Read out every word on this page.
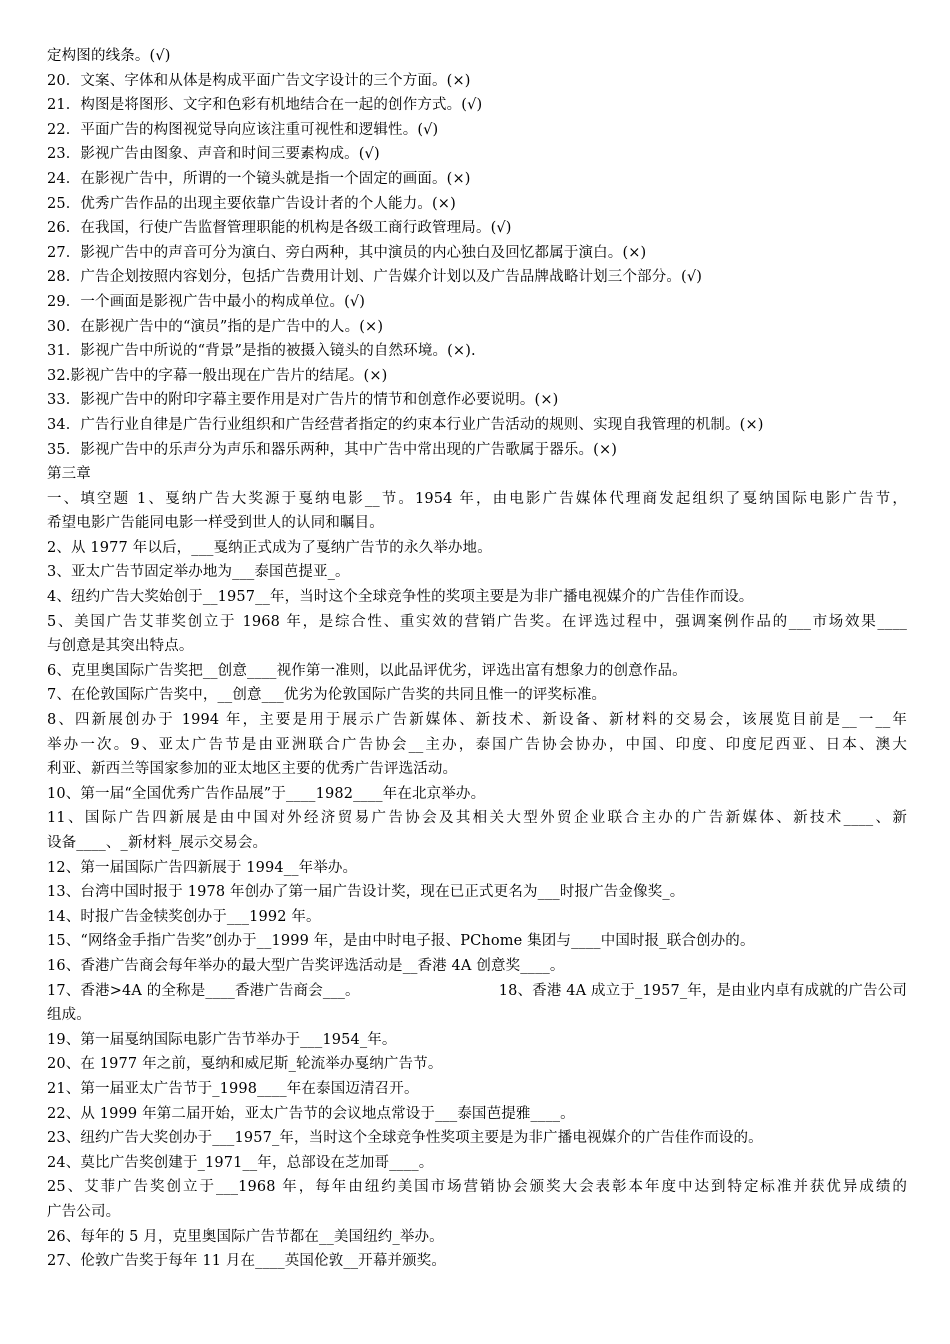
定构图的线条。(√)
20．文案、字体和从体是构成平面广告文字设计的三个方面。(×)
21．构图是将图形、文字和色彩有机地结合在一起的创作方式。(√)
22．平面广告的构图视觉导向应该注重可视性和逻辑性。(√)
23．影视广告由图象、声音和时间三要素构成。(√)
24．在影视广告中，所谓的一个镜头就是指一个固定的画面。(×)
25．优秀广告作品的出现主要依靠广告设计者的个人能力。(×)
26．在我国，行使广告监督管理职能的机构是各级工商行政管理局。(√)
27．影视广告中的声音可分为演白、旁白两种，其中演员的内心独白及回忆都属于演白。(×)
28．广告企划按照内容划分，包括广告费用计划、广告媒介计划以及广告品牌战略计划三个部分。(√)
29．一个画面是影视广告中最小的构成单位。(√)
30．在影视广告中的“演员”指的是广告中的人。(×)
31．影视广告中所说的“背景”是指的被摄入镜头的自然环境。(×).
32.影视广告中的字幕一般出现在广告片的结尾。(×)
33．影视广告中的附印字幕主要作用是对广告片的情节和创意作必要说明。(×)
34．广告行业自律是广告行业组织和广告经营者指定的约束本行业广告活动的规则、实现自我管理的机制。(×)
35．影视广告中的乐声分为声乐和器乐两种，其中广告中常出现的广告歌属于器乐。(×)
第三章
一、填空题 1、戛纳广告大奖源于戛纳电影__节。1954 年，由电影广告媒体代理商发起组织了戛纳国际电影广告节，
希望电影广告能同电影一样受到世人的认同和瞩目。
2、从 1977 年以后，___戛纳正式成为了戛纳广告节的永久举办地。
3、亚太广告节固定举办地为___泰国芭提亚_。
4、纽约广告大奖始创于__1957__年，当时这个全球竞争性的奖项主要是为非广播电视媒介的广告佳作而设。
5、美国广告艾菲奖创立于 1968 年，是综合性、重实效的营销广告奖。在评选过程中，强调案例作品的___市场效果____
与创意是其突出特点。
6、克里奥国际广告奖把__创意____视作第一准则，以此品评优劣，评选出富有想象力的创意作品。
7、在伦敦国际广告奖中，__创意___优劣为伦敦国际广告奖的共同且惟一的评奖标准。
8、四新展创办于 1994 年，主要是用于展示广告新媒体、新技术、新设备、新材料的交易会，该展览目前是__一__年
举办一次。9、亚太广告节是由亚洲联合广告协会__主办，泰国广告协会协办，中国、印度、印度尼西亚、日本、澳大
利亚、新西兰等国家参加的亚太地区主要的优秀广告评选活动。
10、第一届“全国优秀广告作品展”于____1982____年在北京举办。
11、国际广告四新展是由中国对外经济贸易广告协会及其相关大型外贸企业联合主办的广告新媒体、新技术____、新
设备____、_新材料_展示交易会。
12、第一届国际广告四新展于 1994__年举办。
13、台湾中国时报于 1978 年创办了第一届广告设计奖，现在已正式更名为___时报广告金像奖_。
14、时报广告金犊奖创办于___1992 年。
15、“网络金手指广告奖”创办于__1999 年，是由中时电子报、PChome 集团与____中国时报_联合创办的。
16、香港广告商会每年举办的最大型广告奖评选活动是__香港 4A 创意奖____。
17、香港>4A 的全称是____香港广告商会___。	18、香港 4A 成立于_1957_年，是由业内卓有成就的广告公司
组成。
19、第一届戛纳国际电影广告节举办于___1954_年。
20、在 1977 年之前，戛纳和威尼斯_轮流举办戛纳广告节。
21、第一届亚太广告节于_1998____年在泰国迈清召开。
22、从 1999 年第二届开始，亚太广告节的会议地点常设于___泰国芭提雅____。
23、纽约广告大奖创办于___1957_年，当时这个全球竞争性奖项主要是为非广播电视媒介的广告佳作而设的。
24、莫比广告奖创建于_1971__年，总部设在芝加哥____。
25、艾菲广告奖创立于___1968 年，每年由纽约美国市场营销协会颁奖大会表彰本年度中达到特定标准并获优异成绩的
广告公司。
26、每年的 5 月，克里奥国际广告节都在__美国纽约_举办。
27、伦敦广告奖于每年 11 月在____英国伦敦__开幕并颁奖。
